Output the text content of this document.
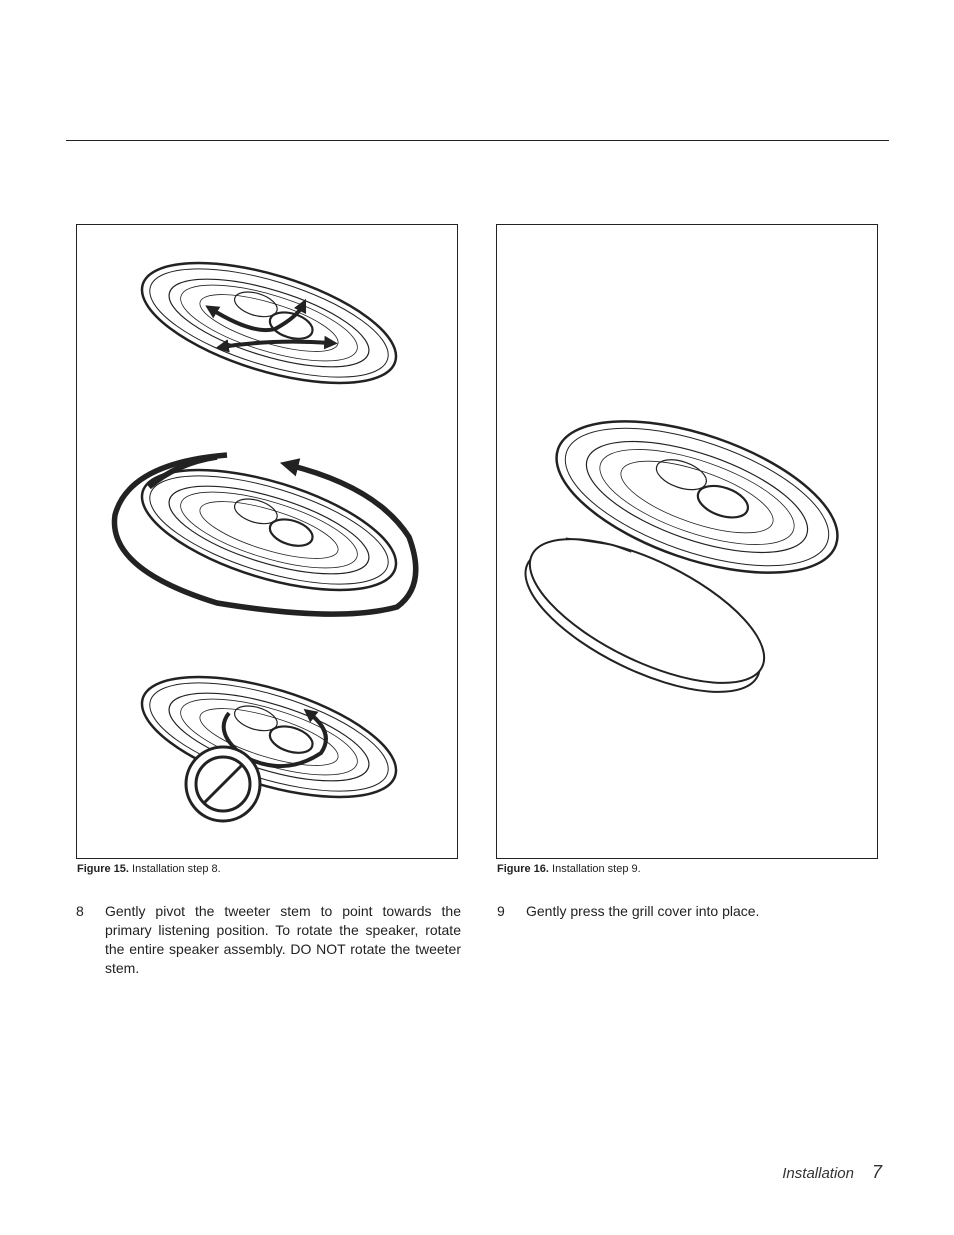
Figure 15. Installation step 8.	Figure 16. Installation step 9.
8 Gently pivot the tweeter stem to point towards the primary listening position. To rotate the speaker, rotate the entire speaker assembly. DO NOT rotate the tweeter stem.
9 Gently press the grill cover into place.
Installation 7
